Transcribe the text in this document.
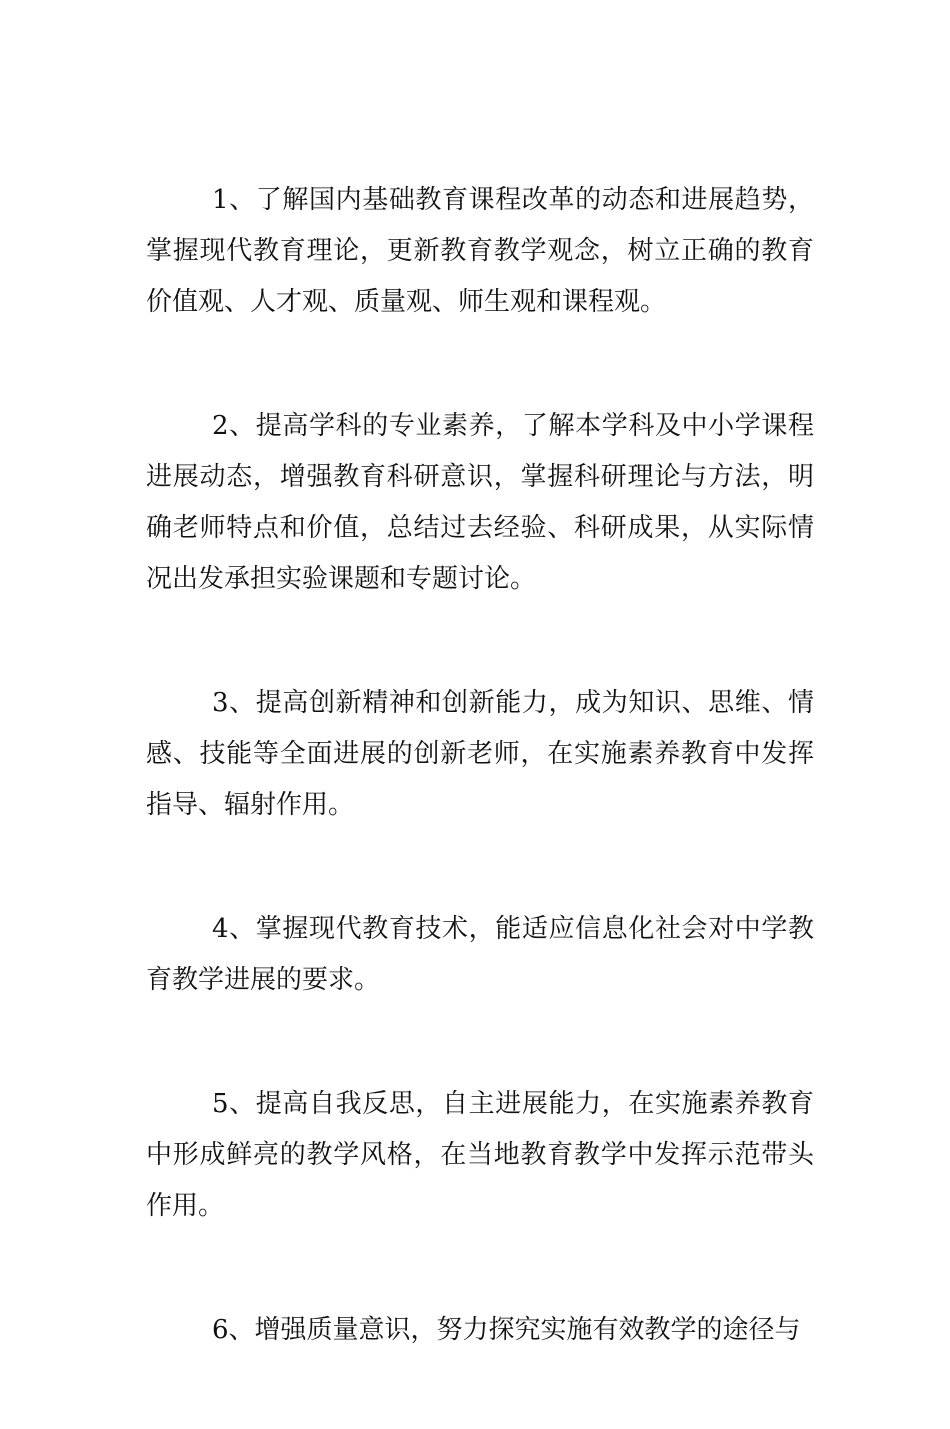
1、了解国内基础教育课程改革的动态和进展趋势，掌握现代教育理论，更新教育教学观念，树立正确的教育价值观、人才观、质量观、师生观和课程观。

2、提高学科的专业素养，了解本学科及中小学课程进展动态，增强教育科研意识，掌握科研理论与方法，明确老师特点和价值，总结过去经验、科研成果，从实际情况出发承担实验课题和专题讨论。

3、提高创新精神和创新能力，成为知识、思维、情感、技能等全面进展的创新老师，在实施素养教育中发挥指导、辐射作用。

4、掌握现代教育技术，能适应信息化社会对中学教育教学进展的要求。

5、提高自我反思，自主进展能力，在实施素养教育中形成鲜亮的教学风格，在当地教育教学中发挥示范带头作用。

6、增强质量意识，努力探究实施有效教学的途径与
